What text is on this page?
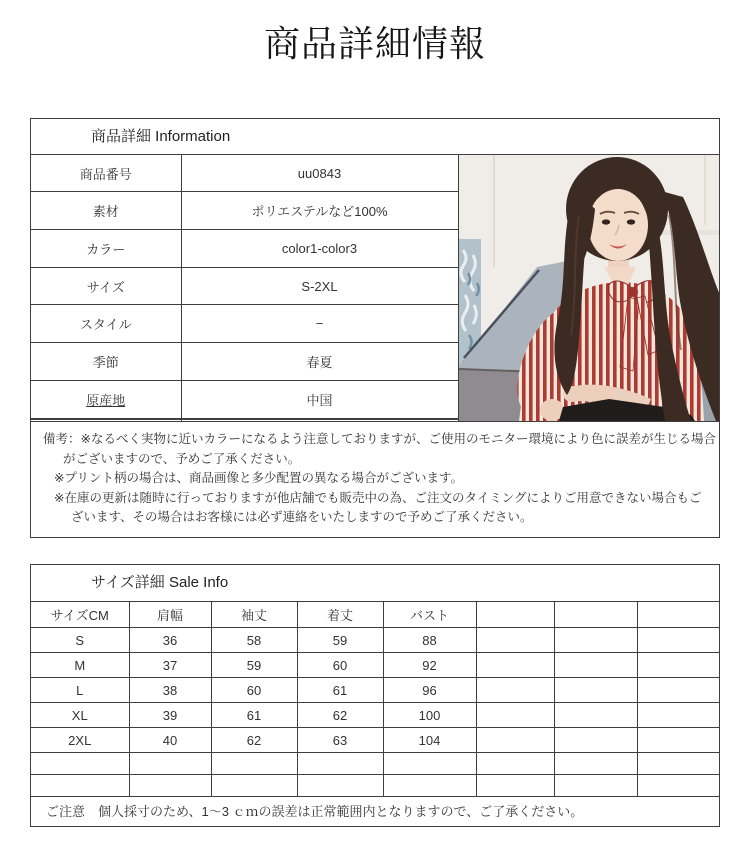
商品詳細情報
商品詳細 Information
商品番号	uu0843
素材	ポリエステルなど100%
カラー	color1-color3
サイズ	S-2XL
スタイル	−
季節	春夏
原産地	中国

備考： ※なるべく実物に近いカラーになるよう注意しておりますが、ご使用のモニター環境により色に誤差が生じる場合
がございますので、予めご了承ください。
※プリント柄の場合は、商品画像と多少配置の異なる場合がございます。
※在庫の更新は随時に行っておりますが他店舗でも販売中の為、ご注文のタイミングによりご用意できない場合もご
ざいます、その場合はお客様には必ず連絡をいたしますので予めご了承ください。
サイズ詳細 Sale Info
サイズCM	肩幅	袖丈	着丈	バスト			
S	36	58	59	88			
M	37	59	60	92			
L	38	60	61	96			
XL	39	61	62	100			
2XL	40	62	63	104			

ご注意　個人採寸のため、1～3 ｃｍの誤差は正常範囲内となりますので、ご了承ください。
